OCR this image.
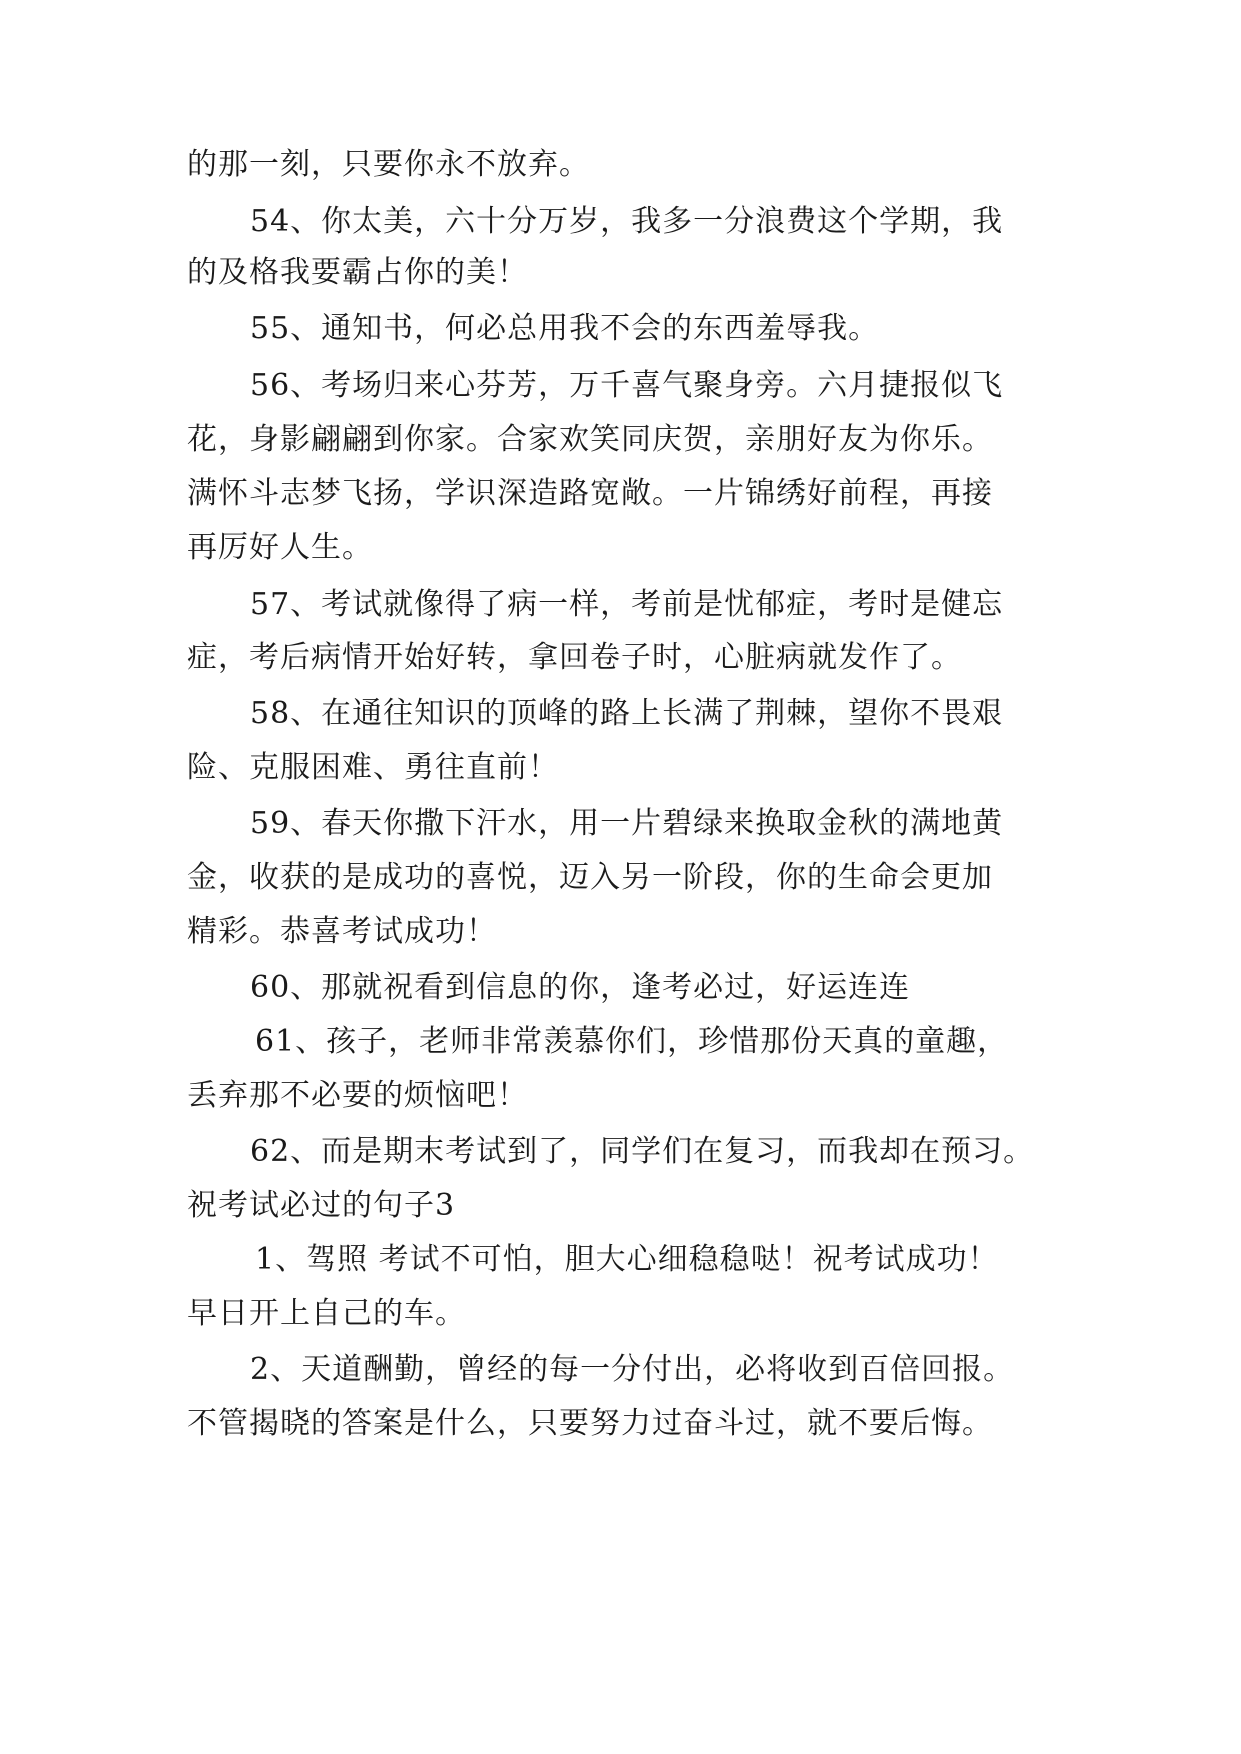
的那一刻，只要你永不放弃。
54、你太美，六十分万岁，我多一分浪费这个学期，我
的及格我要霸占你的美！
55、通知书，何必总用我不会的东西羞辱我。
56、考场归来心芬芳，万千喜气聚身旁。六月捷报似飞
花，身影翩翩到你家。合家欢笑同庆贺，亲朋好友为你乐。
满怀斗志梦飞扬，学识深造路宽敞。一片锦绣好前程，再接
再厉好人生。
57、考试就像得了病一样，考前是忧郁症，考时是健忘
症，考后病情开始好转，拿回卷子时，心脏病就发作了。
58、在通往知识的顶峰的路上长满了荆棘，望你不畏艰
险、克服困难、勇往直前！
59、春天你撒下汗水，用一片碧绿来换取金秋的满地黄
金，收获的是成功的喜悦，迈入另一阶段，你的生命会更加
精彩。恭喜考试成功！
60、那就祝看到信息的你，逢考必过，好运连连
61、孩子，老师非常羡慕你们，珍惜那份天真的童趣，
丢弃那不必要的烦恼吧！
62、而是期末考试到了，同学们在复习，而我却在预习。
祝考试必过的句子3
1、驾照 考试不可怕，胆大心细稳稳哒！祝考试成功！
早日开上自己的车。
2、天道酬勤，曾经的每一分付出，必将收到百倍回报。
不管揭晓的答案是什么，只要努力过奋斗过，就不要后悔。
